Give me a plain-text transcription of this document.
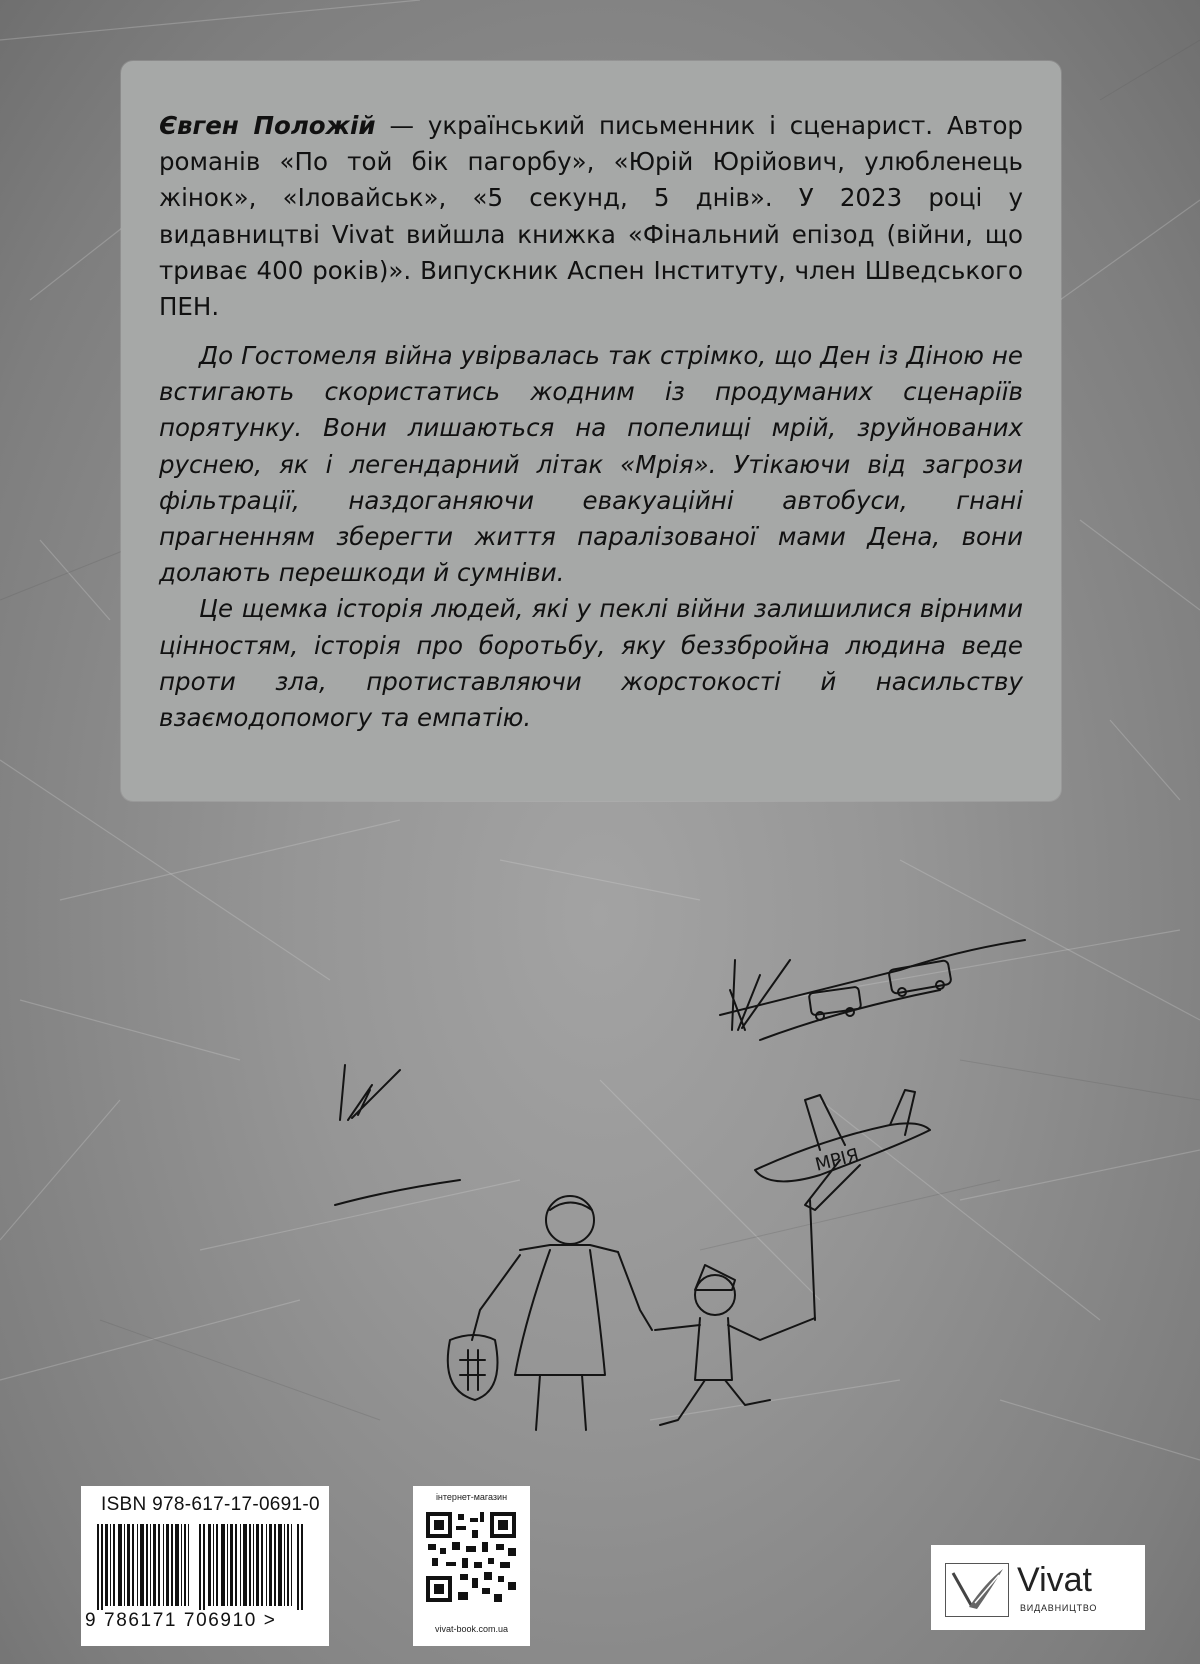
Євген Положій — український письменник і сценарист. Автор романів «По той бік пагорбу», «Юрій Юрійович, улюбленець жінок», «Іловайськ», «5 секунд, 5 днів». У 2023 році у видавництві Vivat вийшла книжка «Фінальний епізод (війни, що триває 400 років)». Випускник Аспен Інституту, член Шведського ПЕН.

До Гостомеля війна увірвалась так стрімко, що Ден із Діною не встигають скористатись жодним із продуманих сценаріїв порятунку. Вони лишаються на попелищі мрій, зруйнованих руснею, як і легендарний літак «Мрія». Утікаючи від загрози фільтрації, наздоганяючи евакуаційні автобуси, гнані прагненням зберегти життя паралізованої мами Дена, вони долають перешкоди й сумніви.

Це щемка історія людей, які у пеклі війни залишилися вірними цінностям, історія про боротьбу, яку беззбройна людина веде проти зла, протиставляючи жорстокості й насильству взаємодопомогу та емпатію.

МРІЯ
ISBN 978-617-17-0691-0
9 786171 706910 >
інтернет-магазин
vivat-book.com.ua
Vivat
ВИДАВНИЦТВО
